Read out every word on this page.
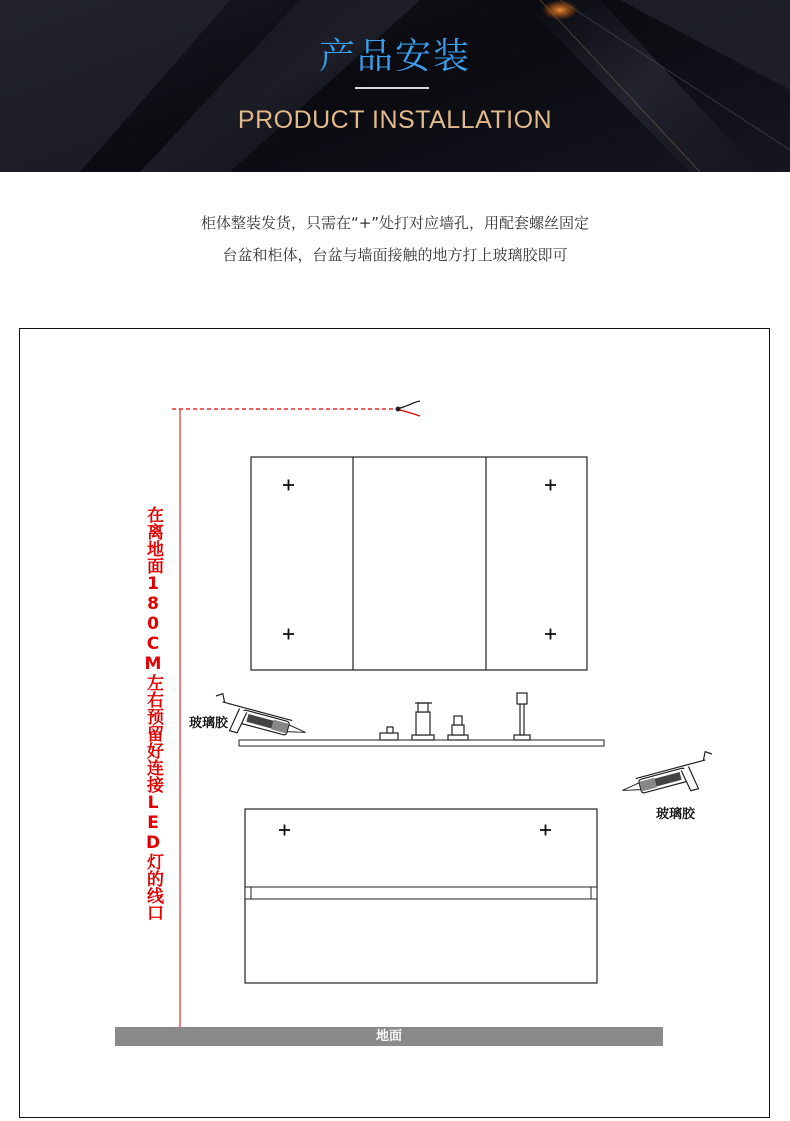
产品安装
PRODUCT INSTALLATION
柜体整装发货，只需在“+”处打对应墙孔，用配套螺丝固定
台盆和柜体，台盆与墙面接触的地方打上玻璃胶即可
在离地面180CM左右预留好连接LED灯的线口 玻璃胶
玻璃胶
地面
